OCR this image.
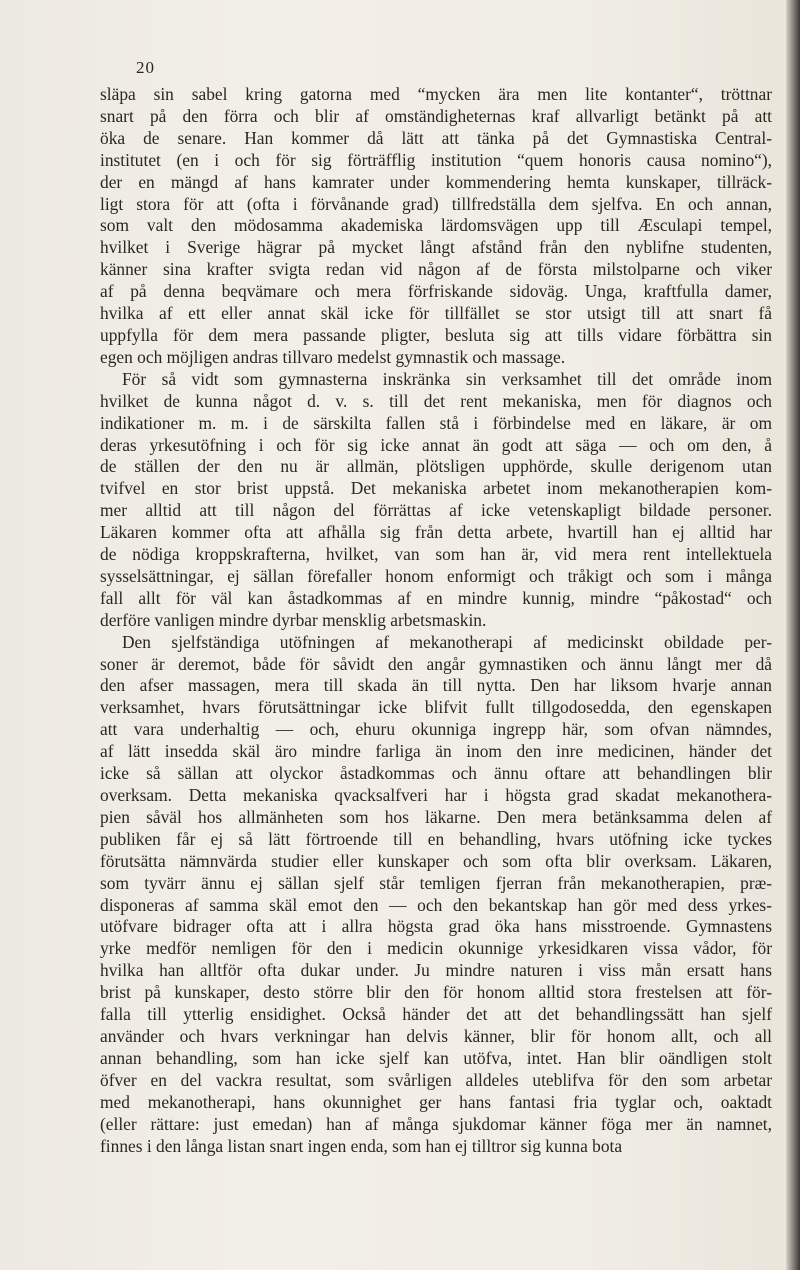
20
släpa sin sabel kring gatorna med “mycken ära men lite kontanter“, tröttnar
snart på den förra och blir af omständigheternas kraf allvarligt betänkt på att
öka de senare. Han kommer då lätt att tänka på det Gymnastiska Central-
institutet (en i och för sig förträfflig institution “quem honoris causa nomino“),
der en mängd af hans kamrater under kommendering hemta kunskaper, tillräck-
ligt stora för att (ofta i förvånande grad) tillfredställa dem sjelfva. En och annan,
som valt den mödosamma akademiska lärdomsvägen upp till Æsculapi tempel,
hvilket i Sverige hägrar på mycket långt afstånd från den nyblifne studenten,
känner sina krafter svigta redan vid någon af de första milstolparne och viker
af på denna beqvämare och mera förfriskande sidoväg. Unga, kraftfulla damer,
hvilka af ett eller annat skäl icke för tillfället se stor utsigt till att snart få
uppfylla för dem mera passande pligter, besluta sig att tills vidare förbättra sin
egen och möjligen andras tillvaro medelst gymnastik och massage.
För så vidt som gymnasterna inskränka sin verksamhet till det område inom
hvilket de kunna något d. v. s. till det rent mekaniska, men för diagnos och
indikationer m. m. i de särskilta fallen stå i förbindelse med en läkare, är om
deras yrkesutöfning i och för sig icke annat än godt att säga — och om den, å
de ställen der den nu är allmän, plötsligen upphörde, skulle derigenom utan
tvifvel en stor brist uppstå. Det mekaniska arbetet inom mekanotherapien kom-
mer alltid att till någon del förrättas af icke vetenskapligt bildade personer.
Läkaren kommer ofta att afhålla sig från detta arbete, hvartill han ej alltid har
de nödiga kroppskrafterna, hvilket, van som han är, vid mera rent intellektuela
sysselsättningar, ej sällan förefaller honom enformigt och tråkigt och som i många
fall allt för väl kan åstadkommas af en mindre kunnig, mindre “påkostad“ och
derföre vanligen mindre dyrbar mensklig arbetsmaskin.
Den sjelfständiga utöfningen af mekanotherapi af medicinskt obildade per-
soner är deremot, både för såvidt den angår gymnastiken och ännu långt mer då
den afser massagen, mera till skada än till nytta. Den har liksom hvarje annan
verksamhet, hvars förutsättningar icke blifvit fullt tillgodosedda, den egenskapen
att vara underhaltig — och, ehuru okunniga ingrepp här, som ofvan nämndes,
af lätt insedda skäl äro mindre farliga än inom den inre medicinen, händer det
icke så sällan att olyckor åstadkommas och ännu oftare att behandlingen blir
overksam. Detta mekaniska qvacksalfveri har i högsta grad skadat mekanothera-
pien såväl hos allmänheten som hos läkarne. Den mera betänksamma delen af
publiken får ej så lätt förtroende till en behandling, hvars utöfning icke tyckes
förutsätta nämnvärda studier eller kunskaper och som ofta blir overksam. Läkaren,
som tyvärr ännu ej sällan sjelf står temligen fjerran från mekanotherapien, præ-
disponeras af samma skäl emot den — och den bekantskap han gör med dess yrkes-
utöfvare bidrager ofta att i allra högsta grad öka hans misstroende. Gymnastens
yrke medför nemligen för den i medicin okunnige yrkesidkaren vissa vådor, för
hvilka han alltför ofta dukar under. Ju mindre naturen i viss mån ersatt hans
brist på kunskaper, desto större blir den för honom alltid stora frestelsen att för-
falla till ytterlig ensidighet. Också händer det att det behandlingssätt han sjelf
använder och hvars verkningar han delvis känner, blir för honom allt, och all
annan behandling, som han icke sjelf kan utöfva, intet. Han blir oändligen stolt
öfver en del vackra resultat, som svårligen alldeles uteblifva för den som arbetar
med mekanotherapi, hans okunnighet ger hans fantasi fria tyglar och, oaktadt
(eller rättare: just emedan) han af många sjukdomar känner föga mer än namnet,
finnes i den långa listan snart ingen enda, som han ej tilltror sig kunna bota
